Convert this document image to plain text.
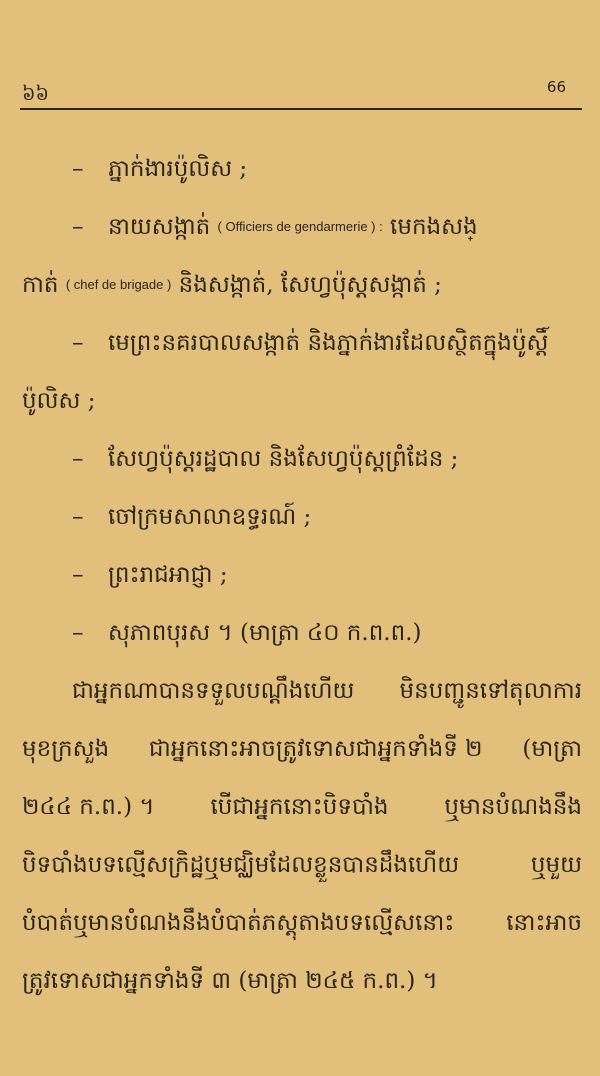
៦៦	66
– ភ្នាក់ងារប៉ូលិស ;
– នាយសង្កាត់ ( Officiers de gendarmerie ) : មេកងសង្
កាត់ ( chef de brigade ) និងសង្កាត់, សែហ្វប៉ុស្តសង្កាត់ ;
– មេព្រះនគរបាលសង្កាត់ និងភ្នាក់ងារដែលស្ថិតក្នុងប៉ូស្តិ៍
ប៉ូលិស ;
– សែហ្វប៉ុស្តរដ្ឋបាល និងសែហ្វប៉ុស្តព្រំដែន ;
– ចៅក្រមសាលាឧទ្ធរណ៍ ;
– ព្រះរាជអាជ្ញា ;
– សុភាពបុរស ។ (មាត្រា ៤០ ក.ព.ព.)
ជាអ្នកណាបានទទួលបណ្តឹងហើយ មិនបញ្ជូនទៅតុលាការ
មុខក្រសួង ជាអ្នកនោះអាចត្រូវទោសជាអ្នកទាំងទី ២ (មាត្រា
២៤៤ ក.ព.) ។ បើជាអ្នកនោះបិទបាំង ឬមានបំណងនឹង
បិទបាំងបទល្មើសក្រិដ្ឋឬមជ្ឈិមដែលខ្លួនបានដឹងហើយ	ឬមួយ
បំបាត់ឬមានបំណងនឹងបំបាត់ភស្តុតាងបទល្មើសនោះ នោះអាច
ត្រូវទោសជាអ្នកទាំងទី ៣ (មាត្រា ២៤៥ ក.ព.) ។
